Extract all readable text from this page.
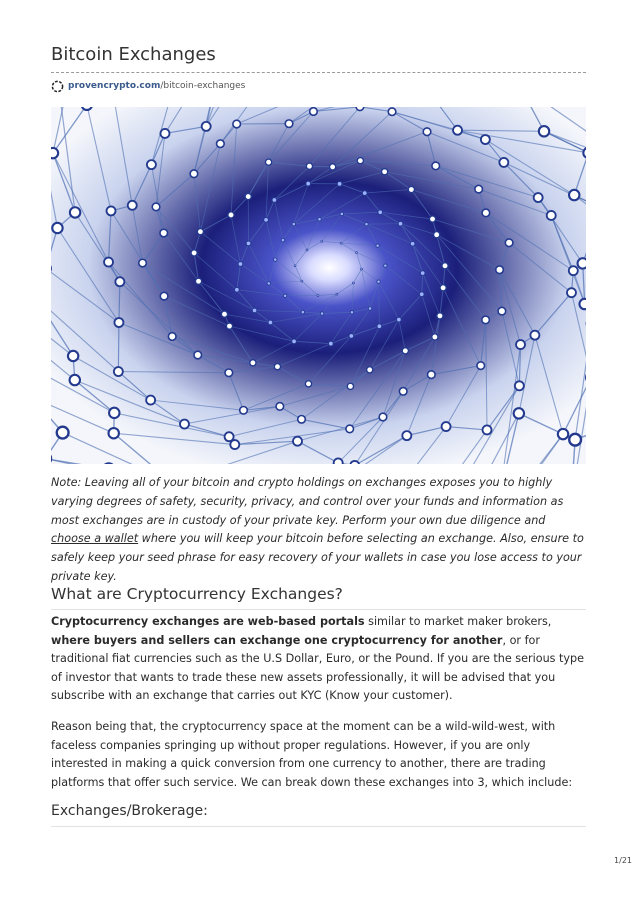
Bitcoin Exchanges
provencrypto.com /bitcoin-exchanges

Note: Leaving all of your bitcoin and crypto holdings on exchanges exposes you to highly varying degrees of safety, security, privacy, and control over your funds and information as most exchanges are in custody of your private key. Perform your own due diligence and choose a wallet where you will keep your bitcoin before selecting an exchange. Also, ensure to safely keep your seed phrase for easy recovery of your wallets in case you lose access to your private key.

What are Cryptocurrency Exchanges?

Cryptocurrency exchanges are web-based portals similar to market maker brokers, where buyers and sellers can exchange one cryptocurrency for another, or for traditional fiat currencies such as the U.S Dollar, Euro, or the Pound. If you are the serious type of investor that wants to trade these new assets professionally, it will be advised that you subscribe with an exchange that carries out KYC (Know your customer).

Reason being that, the cryptocurrency space at the moment can be a wild-wild-west, with faceless companies springing up without proper regulations. However, if you are only interested in making a quick conversion from one currency to another, there are trading platforms that offer such service. We can break down these exchanges into 3, which include:

Exchanges/Brokerage:
1/21
